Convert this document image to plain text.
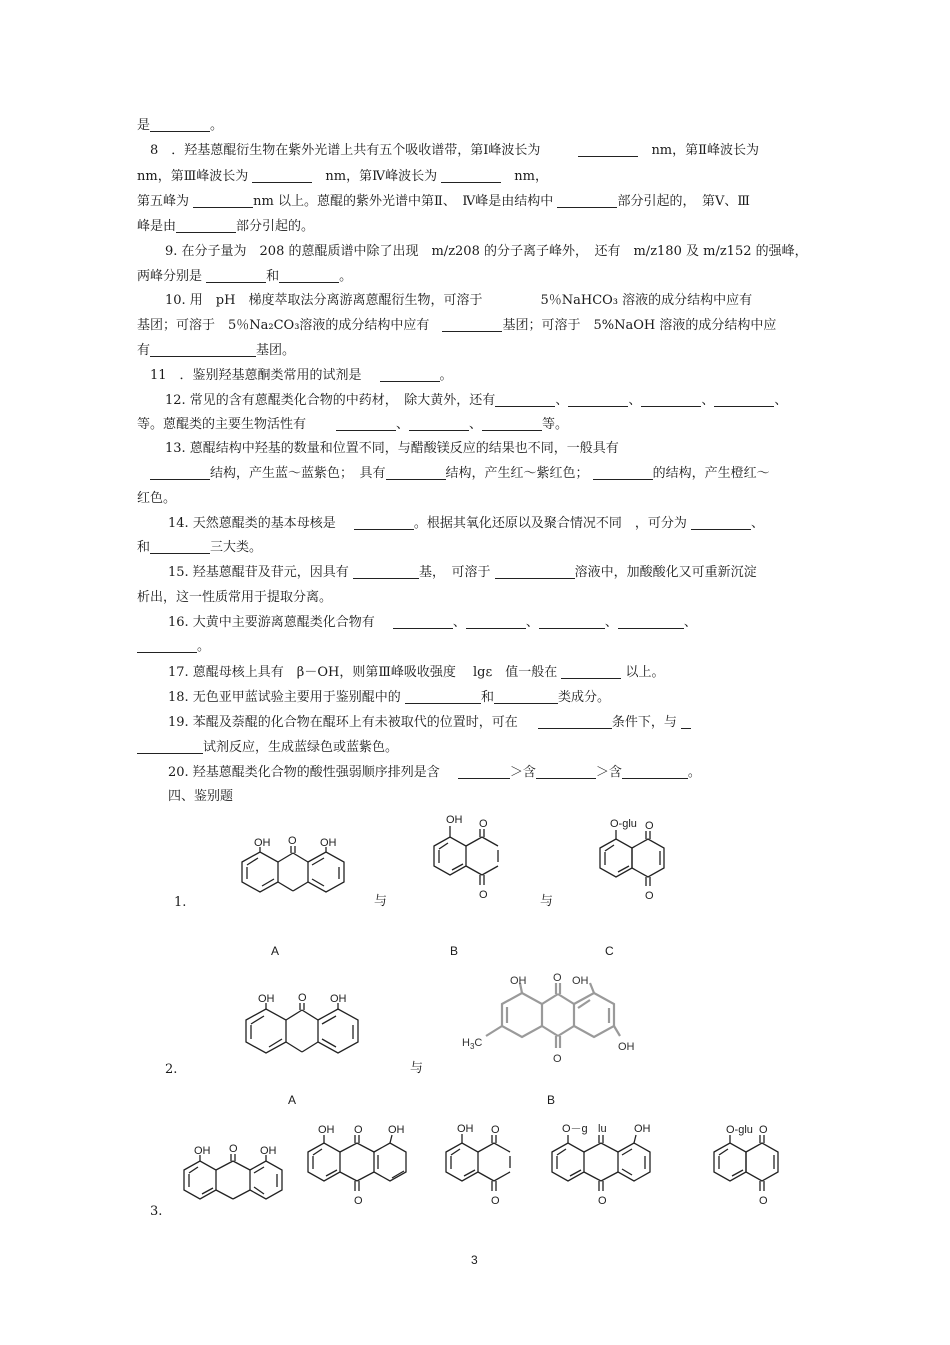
是	。
8　．羟基蒽醌衍生物在紫外光谱上共有五个吸收谱带，第Ⅰ峰波长为　	nm，第Ⅱ峰波长为
nm，第Ⅲ峰波长为 　	nm，第Ⅳ峰波长为 　	nm，
第五峰为	nm 以上。蒽醌的紫外光谱中第Ⅱ、　Ⅳ峰是由结构中	部分引起的，　第Ⅴ、Ⅲ
峰是由	部分引起的。
9. 在分子量为　208 的蒽醌质谱中除了出现　m/z208 的分子离子峰外，　还有　m/z180 及 m/z152 的强峰，
两峰分别是	和	。
10. 用　pH　梯度萃取法分离游离蒽醌衍生物，可溶于	5％NaHCO₃ 溶液的成分结构中应有
基团；可溶于　5％Na₂CO₃溶液的成分结构中应有　	基团；可溶于　5%NaOH 溶液的成分结构中应
有	基团。
11　．鉴别羟基蒽酮类常用的试剂是	。
12. 常见的含有蒽醌类化合物的中药材，　除大黄外，还有	、	、	、	、
等。蒽醌类的主要生物活性有	、	、	等。
13. 蒽醌结构中羟基的数量和位置不同，与醋酸镁反应的结果也不同，一般具有
结构，产生蓝～蓝紫色；　具有	结构，产生红～紫红色；	的结构，产生橙红～
红色。
14. 天然蒽醌类的基本母核是	。根据其氧化还原以及聚合情况不同　 ，可分为	、
和	三大类。
15. 羟基蒽醌苷及苷元，因具有	基，　可溶于	溶液中，加酸酸化又可重新沉淀
析出，这一性质常用于提取分离。
16. 大黄中主要游离蒽醌类化合物有	、	、	、	、
。
17. 蒽醌母核上具有　β－OH，则第Ⅲ峰吸收强度　 lgε　值一般在	以上。
18. 无色亚甲蓝试验主要用于鉴别醌中的	和	类成分。
19. 苯醌及萘醌的化合物在醌环上有未被取代的位置时，可在	条件下，与
试剂反应，生成蓝绿色或蓝紫色。
20. 羟基蒽醌类化合物的酸性强弱顺序排列是含	＞含	＞含	。
四、鉴别题
1.
2.
3.
与	与
与
A	B	C
A	B
OH	OH
O
OH O
O
O-glu O
O
OH	OH
O
OH	OH
O
O
OH
$H_3C$
OH	OH
O
OH	OH
O
O
OH O
O
O－g lu OH
O
O-glu O
O
3
